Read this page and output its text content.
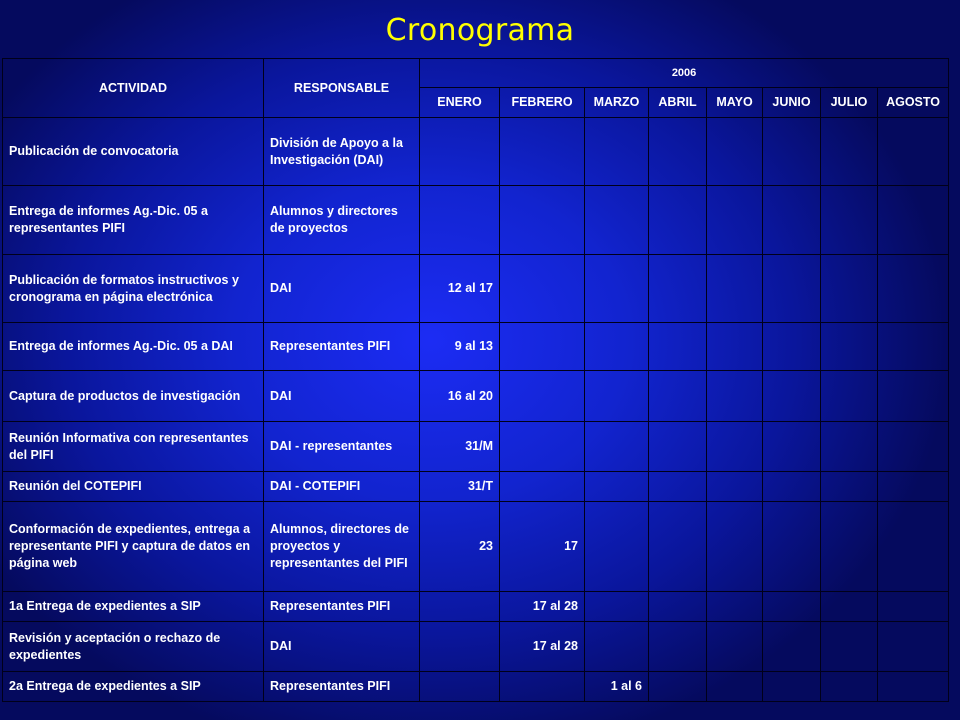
Cronograma
ACTIVIDAD	RESPONSABLE	2006							
		ENERO	FEBRERO	MARZO	ABRIL	MAYO	JUNIO	JULIO	AGOSTO
Publicación de convocatoria	División de Apoyo a la Investigación (DAI)								
Entrega de informes Ag.-Dic. 05 a representantes PIFI	Alumnos y directores de proyectos								
Publicación de formatos instructivos y cronograma en página electrónica	DAI	12 al 17							
Entrega de informes Ag.-Dic. 05 a DAI	Representantes PIFI	9 al 13							
Captura de productos de investigación	DAI	16 al 20							
Reunión Informativa con representantes del PIFI	DAI - representantes	31/M							
Reunión del COTEPIFI	DAI - COTEPIFI	31/T							
Conformación de expedientes, entrega a representante PIFI y captura de datos en página web	Alumnos, directores de proyectos y representantes del PIFI	23	17						
1a Entrega de expedientes a SIP	Representantes PIFI		17 al 28						
Revisión y aceptación o rechazo de expedientes	DAI		17 al 28						
2a Entrega de expedientes a SIP	Representantes PIFI			1 al 6					
